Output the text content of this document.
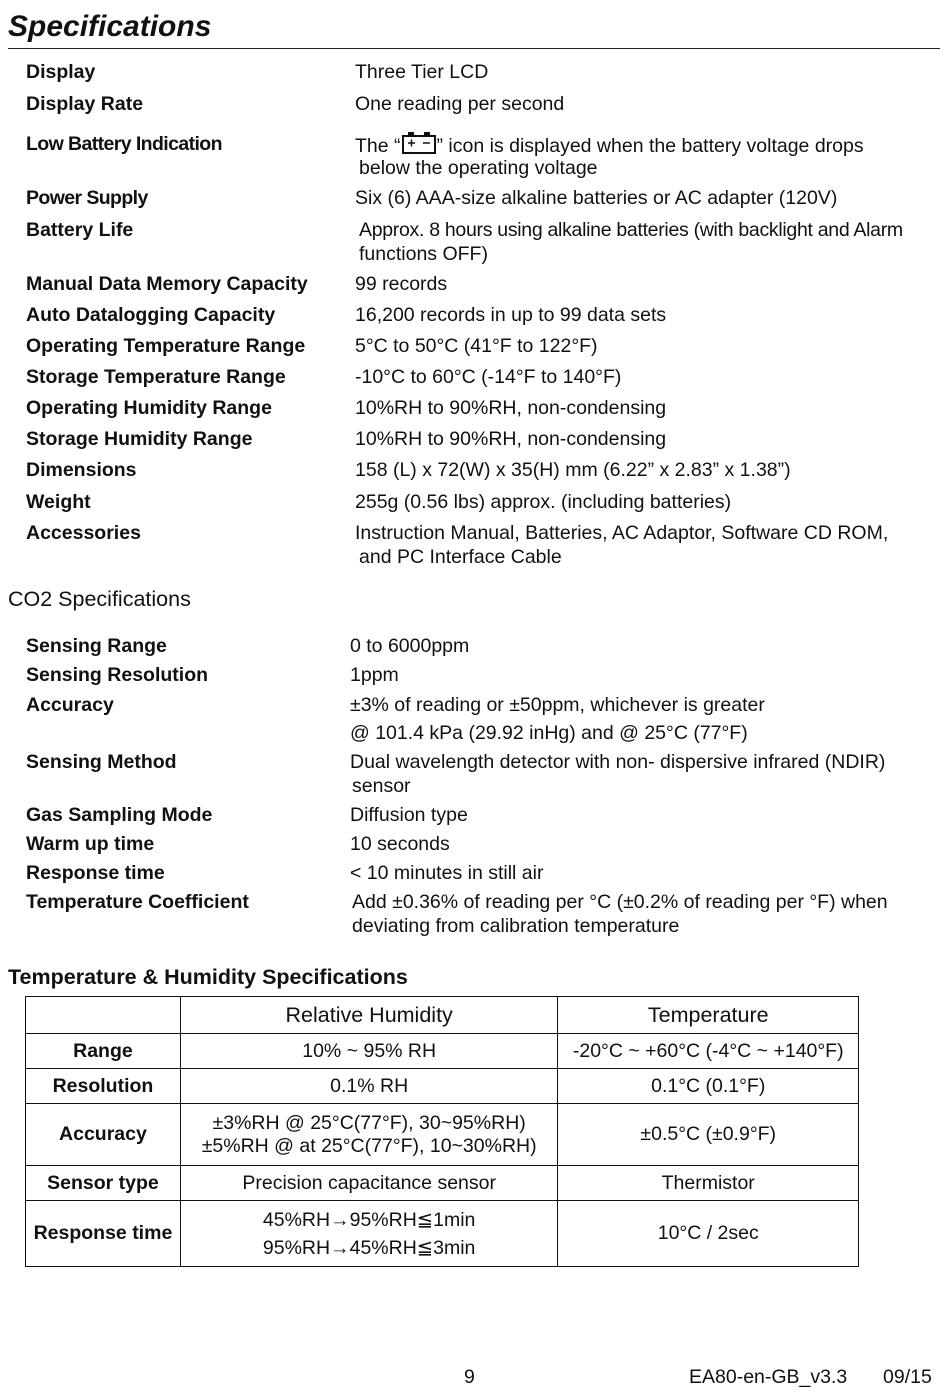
Specifications
Display	Three Tier LCD
Display Rate	One reading per second
Low Battery Indication	The “ ” icon is displayed when the battery voltage drops
below the operating voltage
Power Supply	Six (6) AAA-size alkaline batteries or AC adapter (120V)
Battery Life	Approx. 8 hours using alkaline batteries (with backlight and Alarm
functions OFF)
Manual Data Memory Capacity 99 records
Auto Datalogging Capacity	16,200 records in up to 99 data sets
Operating Temperature Range	5°C to 50°C (41°F to 122°F)
Storage Temperature Range	-10°C to 60°C (-14°F to 140°F)
Operating Humidity Range	10%RH to 90%RH, non-condensing
Storage Humidity Range	10%RH to 90%RH, non-condensing
Dimensions	158 (L) x 72(W) x 35(H) mm (6.22” x 2.83” x 1.38”)
Weight	255g (0.56 lbs) approx. (including batteries)
Accessories	Instruction Manual, Batteries, AC Adaptor, Software CD ROM,
and PC Interface Cable
CO2 Specifications
Sensing Range	0 to 6000ppm
Sensing Resolution	1ppm
Accuracy	±3% of reading or ±50ppm, whichever is greater
@ 101.4 kPa (29.92 inHg) and @ 25°C (77°F)
Sensing Method	Dual wavelength detector with non- dispersive infrared (NDIR)
sensor
Gas Sampling Mode	Diffusion type
Warm up time	10 seconds
Response time	< 10 minutes in still air
Temperature Coefficient	Add ±0.36% of reading per °C (±0.2% of reading per °F) when
deviating from calibration temperature
Temperature & Humidity Specifications
	Relative Humidity	Temperature
Range	10% ~ 95% RH	-20°C ~ +60°C (-4°C ~ +140°F)
Resolution	0.1% RH	0.1°C (0.1°F)
Accuracy	±3%RH @ 25°C(77°F), 30~95%RH)
±5%RH @ at 25°C(77°F), 10~30%RH)	±0.5°C (±0.9°F)
Sensor type	Precision capacitance sensor	Thermistor
Response time	45%RH→95%RH≦1min
95%RH→45%RH≦3min	10°C / 2sec
9	EA80-en-GB_v3.3 09/15
